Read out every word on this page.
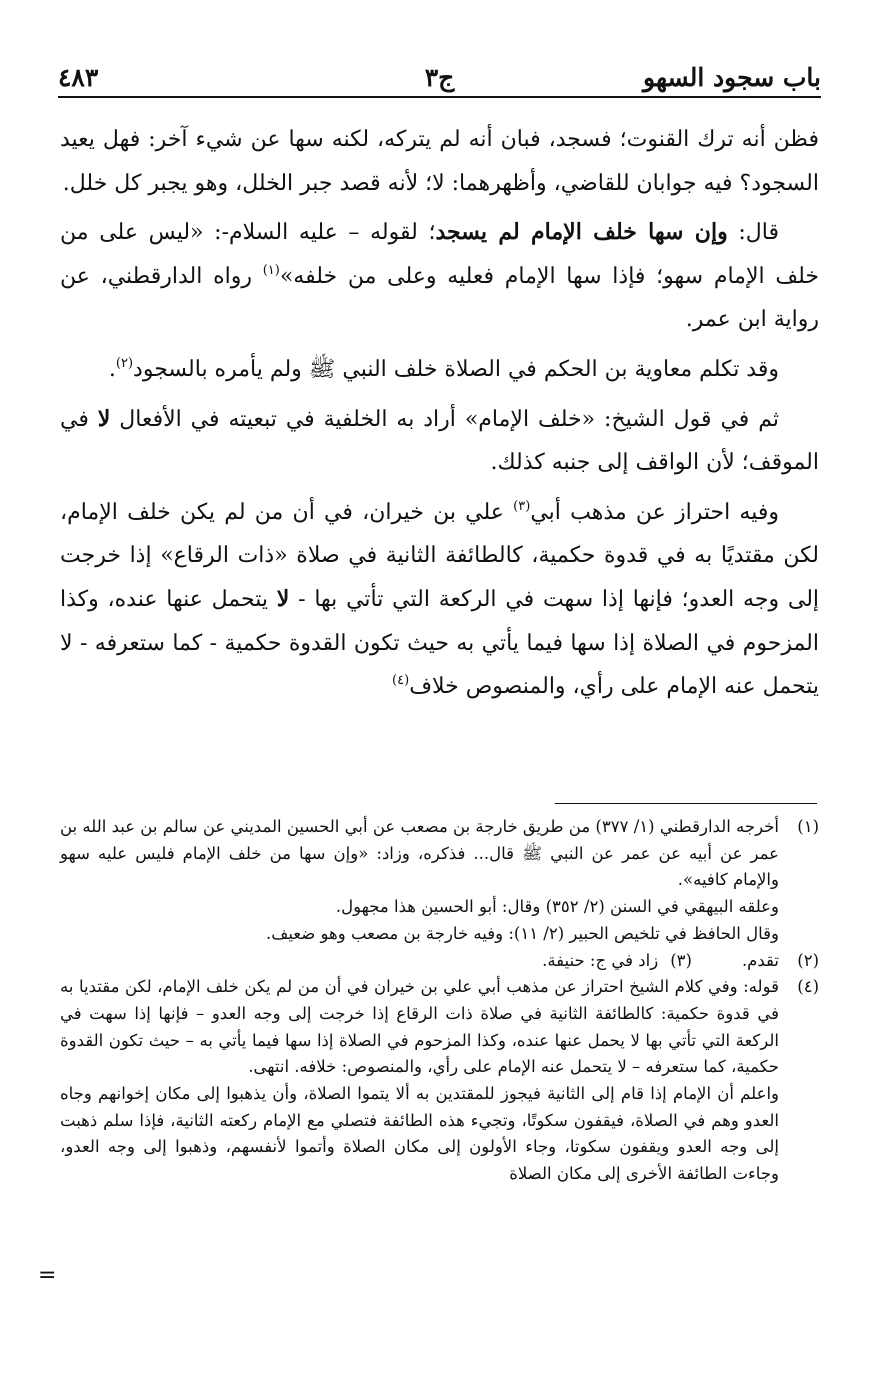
باب سجود السهو
ج٣
٤٨٣

فظن أنه ترك القنوت؛ فسجد، فبان أنه لم يتركه، لكنه سها عن شيء آخر: فهل يعيد السجود؟ فيه جوابان للقاضي، وأظهرهما: لا؛ لأنه قصد جبر الخلل، وهو يجبر كل خلل.

قال: وإن سها خلف الإمام لم يسجد؛ لقوله – عليه السلام-: «ليس على من خلف الإمام سهو؛ فإذا سها الإمام فعليه وعلى من خلفه»$^{(١)}$ رواه الدارقطني، عن رواية ابن عمر.

وقد تكلم معاوية بن الحكم في الصلاة خلف النبي ﷺ ولم يأمره بالسجود$^{(٢)}$.

ثم في قول الشيخ: «خلف الإمام» أراد به الخلفية في تبعيته في الأفعال لا في الموقف؛ لأن الواقف إلى جنبه كذلك.

وفيه احتراز عن مذهب أبي$^{(٣)}$ علي بن خيران، في أن من لم يكن خلف الإمام، لكن مقتديًا به في قدوة حكمية، كالطائفة الثانية في صلاة «ذات الرقاع» إذا خرجت إلى وجه العدو؛ فإنها إذا سهت في الركعة التي تأتي بها - لا يتحمل عنها عنده، وكذا المزحوم في الصلاة إذا سها فيما يأتي به حيث تكون القدوة حكمية - كما ستعرفه - لا يتحمل عنه الإمام على رأي، والمنصوص خلاف$^{(٤)}$

(١)
أخرجه الدارقطني (١/ ٣٧٧) من طريق خارجة بن مصعب عن أبي الحسين المديني عن سالم بن عبد الله بن عمر عن أبيه عن عمر عن النبي ﷺ قال... فذكره، وزاد: «وإن سها من خلف الإمام فليس عليه سهو والإمام كافيه».
وعلقه البيهقي في السنن (٢/ ٣٥٢) وقال: أبو الحسين هذا مجهول.
وقال الحافظ في تلخيص الحبير (٢/ ١١): وفيه خارجة بن مصعب وهو ضعيف.
(٢)
تقدم.
(٣)
زاد في ج: حنيفة.
(٤)
قوله: وفي كلام الشيخ احتراز عن مذهب أبي علي بن خيران في أن من لم يكن خلف الإمام، لكن مقتديا به في قدوة حكمية: كالطائفة الثانية في صلاة ذات الرقاع إذا خرجت إلى وجه العدو – فإنها إذا سهت في الركعة التي تأتي بها لا يحمل عنها عنده، وكذا المزحوم في الصلاة إذا سها فيما يأتي به – حيث تكون القدوة حكمية، كما ستعرفه – لا يتحمل عنه الإمام على رأي، والمنصوص: خلافه. انتهى.
واعلم أن الإمام إذا قام إلى الثانية فيجوز للمقتدين به ألا يتموا الصلاة، وأن يذهبوا إلى مكان إخوانهم وجاه العدو وهم في الصلاة، فيقفون سكوتًا، وتجيء هذه الطائفة فتصلي مع الإمام ركعته الثانية، فإذا سلم ذهبت إلى وجه العدو ويقفون سكوتا، وجاء الأولون إلى مكان الصلاة وأتموا لأنفسهم، وذهبوا إلى وجه العدو، وجاءت الطائفة الأخرى إلى مكان الصلاة
=
